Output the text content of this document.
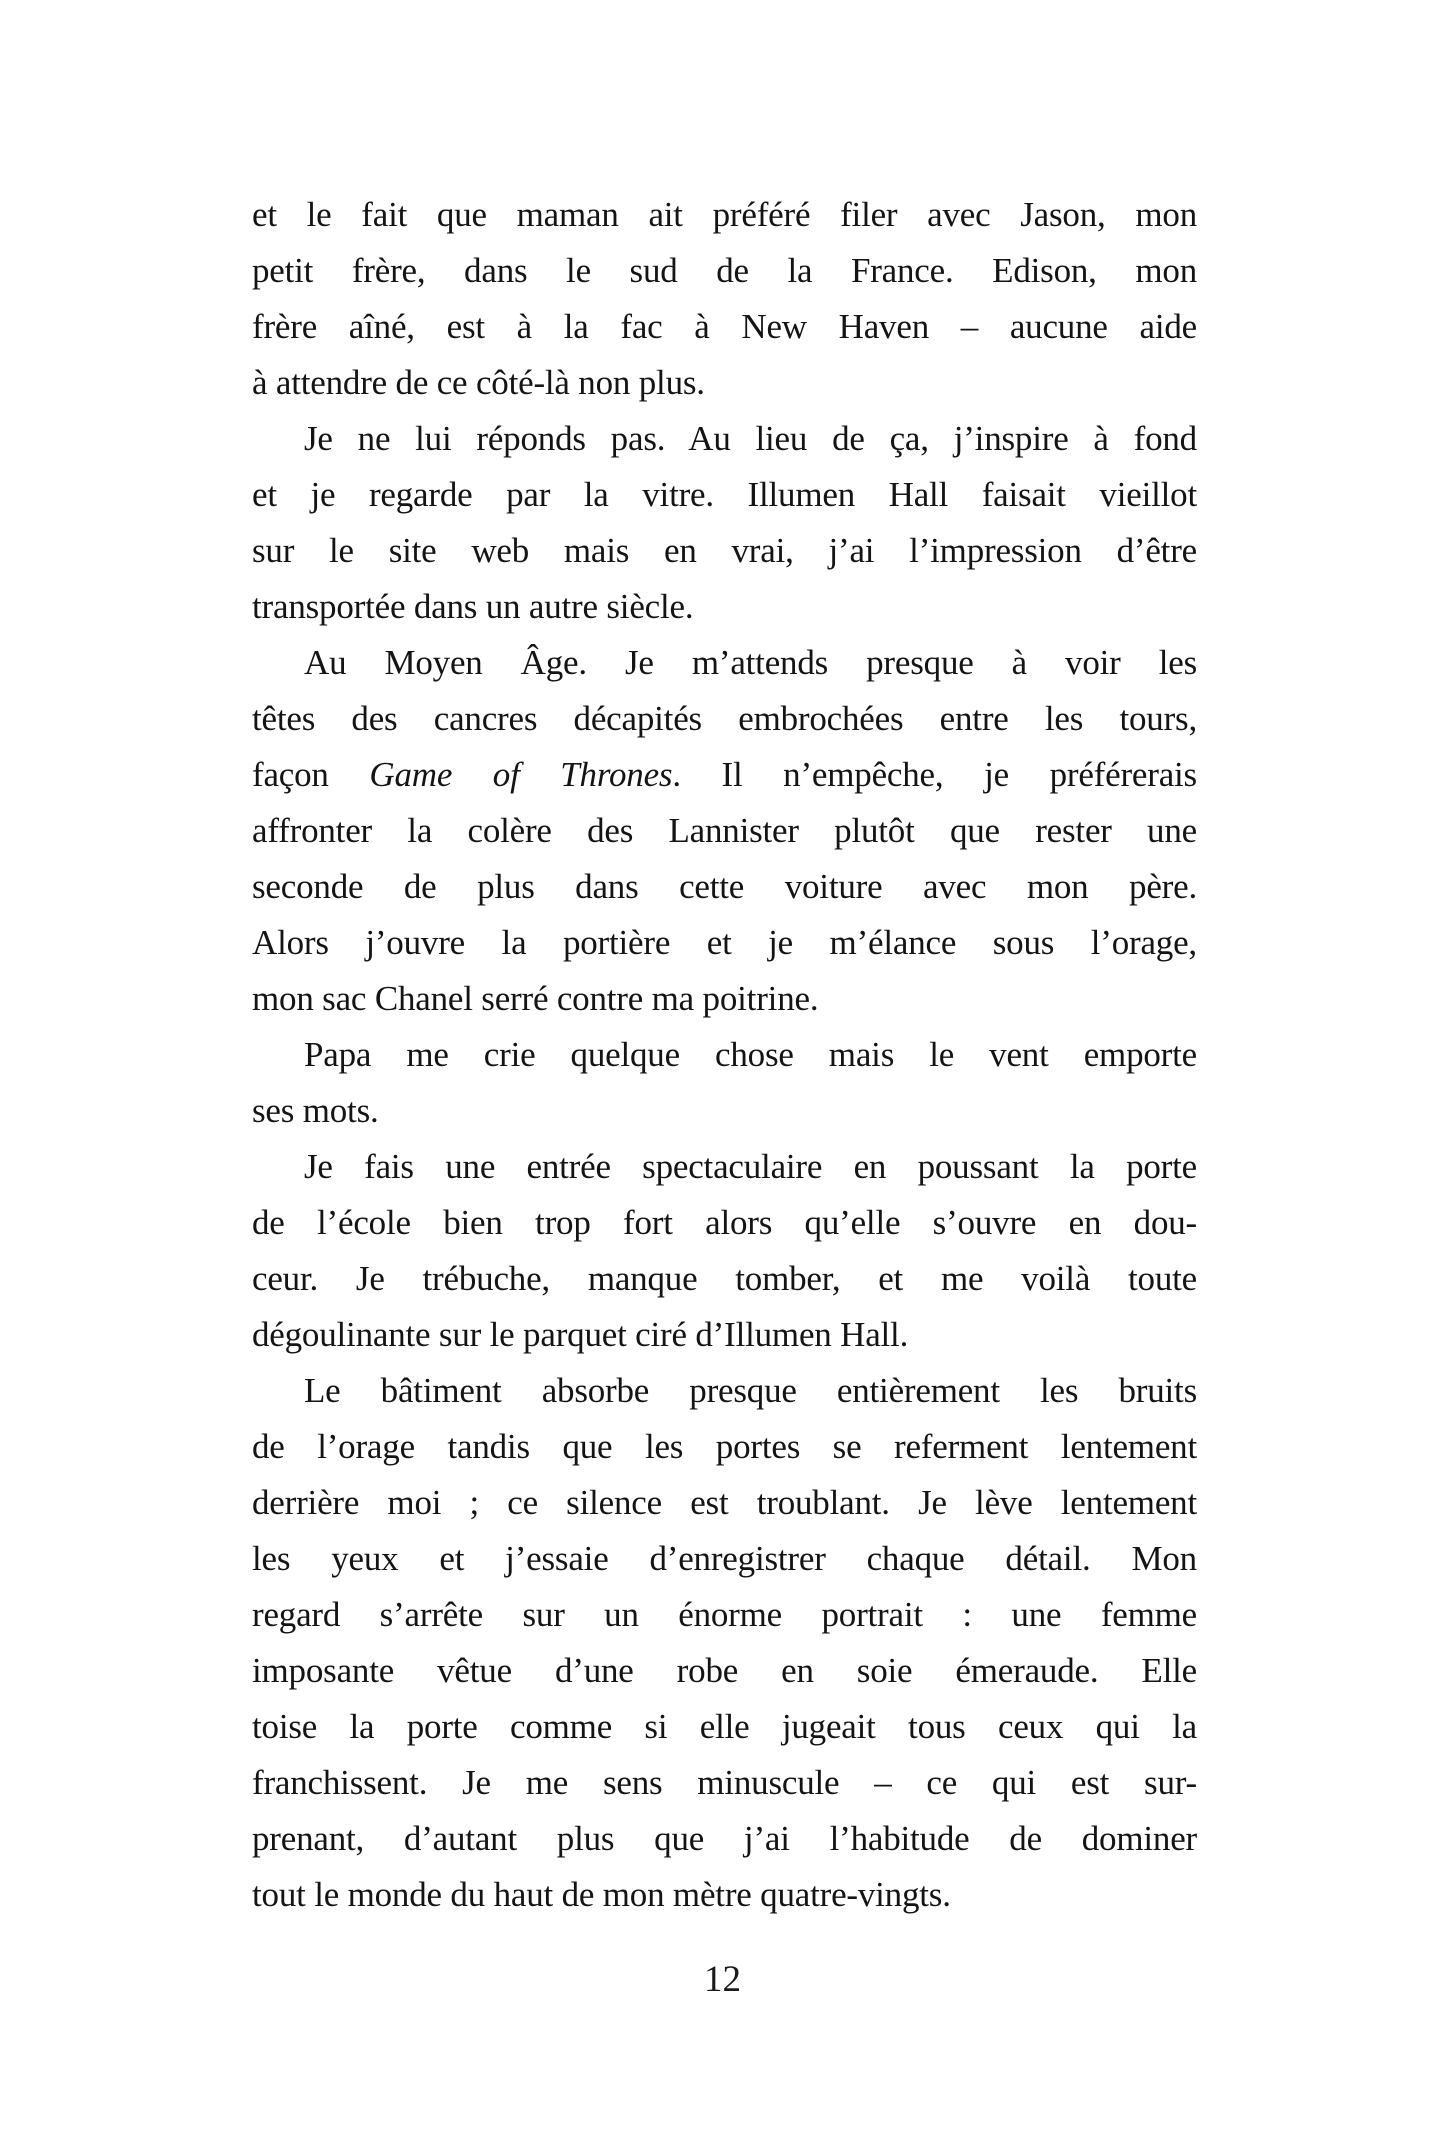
et le fait que maman ait préféré filer avec Jason, mon
petit frère, dans le sud de la France. Edison, mon
frère aîné, est à la fac à New Haven – aucune aide
à attendre de ce côté-là non plus.
Je ne lui réponds pas. Au lieu de ça, j’inspire à fond
et je regarde par la vitre. Illumen Hall faisait vieillot
sur le site web mais en vrai, j’ai l’impression d’être
transportée dans un autre siècle.
Au Moyen Âge. Je m’attends presque à voir les
têtes des cancres décapités embrochées entre les tours,
façon Game of Thrones. Il n’empêche, je préférerais
affronter la colère des Lannister plutôt que rester une
seconde de plus dans cette voiture avec mon père.
Alors j’ouvre la portière et je m’élance sous l’orage,
mon sac Chanel serré contre ma poitrine.
Papa me crie quelque chose mais le vent emporte
ses mots.
Je fais une entrée spectaculaire en poussant la porte
de l’école bien trop fort alors qu’elle s’ouvre en dou-
ceur. Je trébuche, manque tomber, et me voilà toute
dégoulinante sur le parquet ciré d’Illumen Hall.
Le bâtiment absorbe presque entièrement les bruits
de l’orage tandis que les portes se referment lentement
derrière moi ; ce silence est troublant. Je lève lentement
les yeux et j’essaie d’enregistrer chaque détail. Mon
regard s’arrête sur un énorme portrait : une femme
imposante vêtue d’une robe en soie émeraude. Elle
toise la porte comme si elle jugeait tous ceux qui la
franchissent. Je me sens minuscule – ce qui est sur-
prenant, d’autant plus que j’ai l’habitude de dominer
tout le monde du haut de mon mètre quatre-vingts.
12
